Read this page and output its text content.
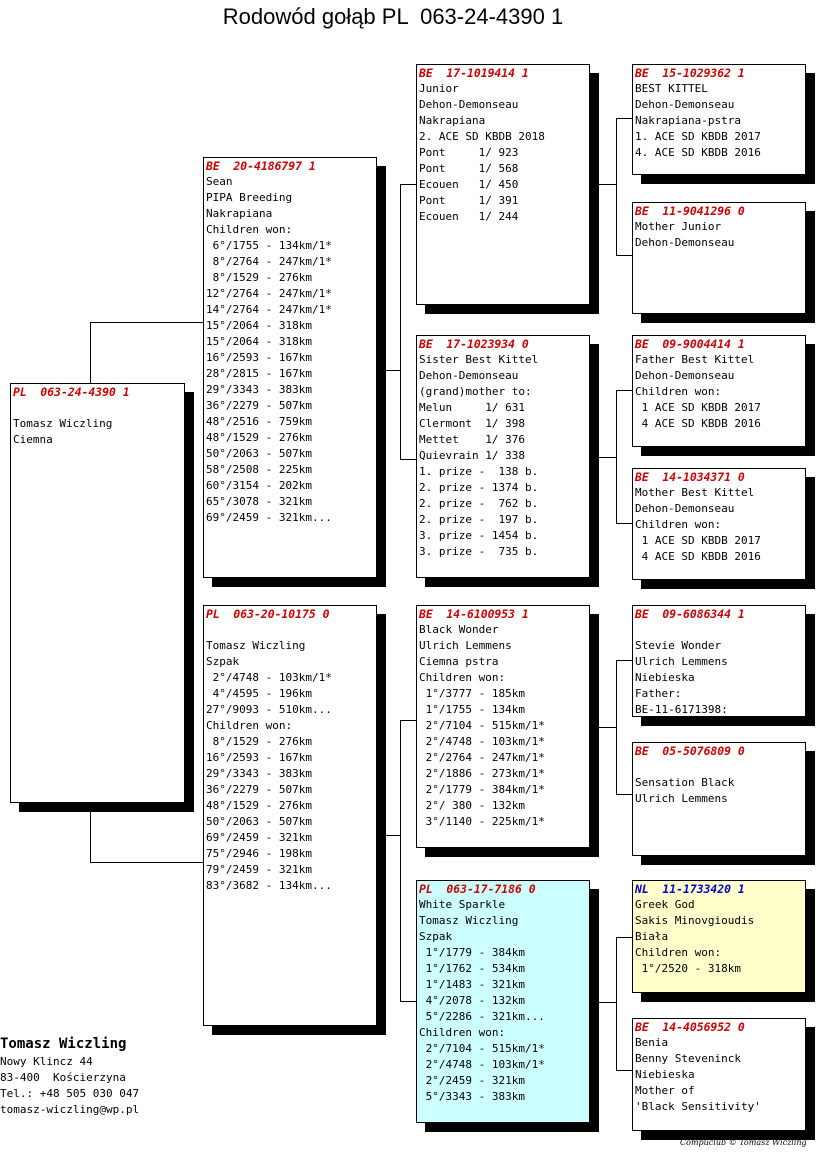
Rodowód gołąb PL  063-24-4390 1
PL  063-24-4390 1
Tomasz Wiczling
Ciemna
BE  20-4186797 1
Sean
PIPA Breeding
Nakrapiana
Children won:
6°/1755 - 134km/1*
8°/2764 - 247km/1*
8°/1529 - 276km
12°/2764 - 247km/1*
14°/2764 - 247km/1*
15°/2064 - 318km
15°/2064 - 318km
16°/2593 - 167km
28°/2815 - 167km
29°/3343 - 383km
36°/2279 - 507km
48°/2516 - 759km
48°/1529 - 276km
50°/2063 - 507km
58°/2508 - 225km
60°/3154 - 202km
65°/3078 - 321km
69°/2459 - 321km...
PL  063-20-10175 0
Tomasz Wiczling
Szpak
2°/4748 - 103km/1*
4°/4595 - 196km
27°/9093 - 510km...
Children won:
8°/1529 - 276km
16°/2593 - 167km
29°/3343 - 383km
36°/2279 - 507km
48°/1529 - 276km
50°/2063 - 507km
69°/2459 - 321km
75°/2946 - 198km
79°/2459 - 321km
83°/3682 - 134km...
BE  17-1019414 1
Junior
Dehon-Demonseau
Nakrapiana
2. ACE SD KBDB 2018
Pont     1/ 923
Pont     1/ 568
Ecouen   1/ 450
Pont     1/ 391
Ecouen   1/ 244
BE  17-1023934 0
Sister Best Kittel
Dehon-Demonseau
(grand)mother to:
Melun     1/ 631
Clermont  1/ 398
Mettet    1/ 376
Quievrain 1/ 338
1. prize -  138 b.
2. prize - 1374 b.
2. prize -  762 b.
2. prize -  197 b.
3. prize - 1454 b.
3. prize -  735 b.
BE  14-6100953 1
Black Wonder
Ulrich Lemmens
Ciemna pstra
Children won:
1°/3777 - 185km
1°/1755 - 134km
2°/7104 - 515km/1*
2°/4748 - 103km/1*
2°/2764 - 247km/1*
2°/1886 - 273km/1*
2°/1779 - 384km/1*
2°/ 380 - 132km
3°/1140 - 225km/1*
PL  063-17-7186 0
White Sparkle
Tomasz Wiczling
Szpak
1°/1779 - 384km
1°/1762 - 534km
1°/1483 - 321km
4°/2078 - 132km
5°/2286 - 321km...
Children won:
2°/7104 - 515km/1*
2°/4748 - 103km/1*
2°/2459 - 321km
5°/3343 - 383km
BE  15-1029362 1
BEST KITTEL
Dehon-Demonseau
Nakrapiana-pstra
1. ACE SD KBDB 2017
4. ACE SD KBDB 2016
BE  11-9041296 0
Mother Junior
Dehon-Demonseau
BE  09-9004414 1
Father Best Kittel
Dehon-Demonseau
Children won:
1 ACE SD KBDB 2017
4 ACE SD KBDB 2016
BE  14-1034371 0
Mother Best Kittel
Dehon-Demonseau
Children won:
1 ACE SD KBDB 2017
4 ACE SD KBDB 2016
BE  09-6086344 1
Stevie Wonder
Ulrich Lemmens
Niebieska
Father:
BE-11-6171398:
BE  05-5076809 0
Sensation Black
Ulrich Lemmens
NL  11-1733420 1
Greek God
Sakis Minovgioudis
Biała
Children won:
1°/2520 - 318km
BE  14-4056952 0
Benia
Benny Steveninck
Niebieska
Mother of
'Black Sensitivity'
Tomasz Wiczling
Nowy Klincz 44
83-400  Kościerzyna
Tel.: +48 505 030 047
tomasz-wiczling@wp.pl
Compuclub © Tomasz Wiczling
